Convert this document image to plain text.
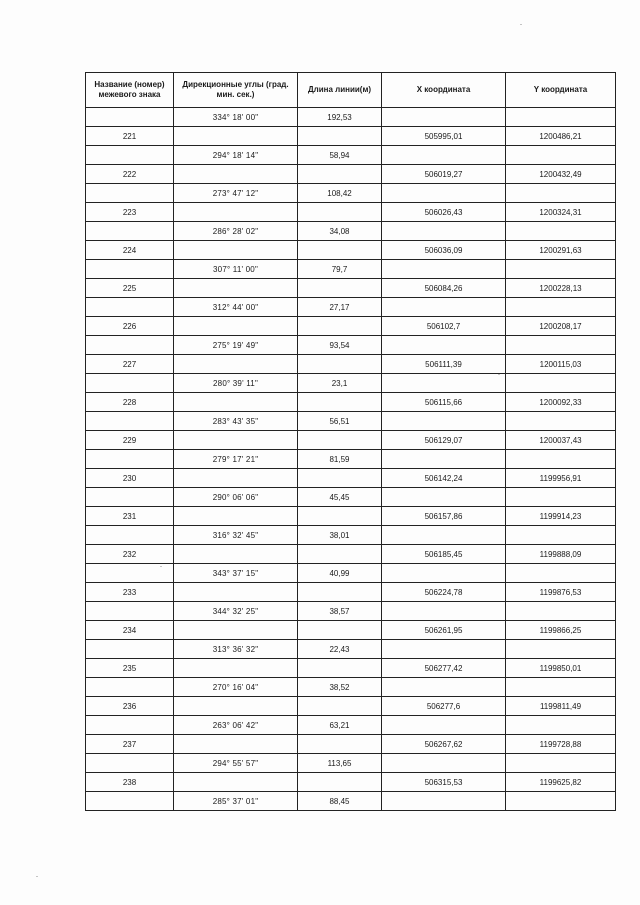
Название (номер) межевого знака	Дирекционные углы (град. мин. сек.)	Длина линии(м)	X координата	Y координата
	334° 18' 00"	192,53		
221			505995,01	1200486,21
	294° 18' 14"	58,94		
222			506019,27	1200432,49
	273° 47' 12"	108,42		
223			506026,43	1200324,31
	286° 28' 02"	34,08		
224			506036,09	1200291,63
	307° 11' 00"	79,7		
225			506084,26	1200228,13
	312° 44' 00"	27,17		
226			506102,7	1200208,17
	275° 19' 49"	93,54		
227			506111,39	1200115,03
	280° 39' 11"	23,1		
228			506115,66	1200092,33
	283° 43' 35"	56,51		
229			506129,07	1200037,43
	279° 17' 21"	81,59		
230			506142,24	1199956,91
	290° 06' 06"	45,45		
231			506157,86	1199914,23
	316° 32' 45"	38,01		
232			506185,45	1199888,09
	343° 37' 15"	40,99		
233			506224,78	1199876,53
	344° 32' 25"	38,57		
234			506261,95	1199866,25
	313° 36' 32"	22,43		
235			506277,42	1199850,01
	270° 16' 04"	38,52		
236			506277,6	1199811,49
	263° 06' 42"	63,21		
237			506267,62	1199728,88
	294° 55' 57"	113,65		
238			506315,53	1199625,82
	285° 37' 01"	88,45		
